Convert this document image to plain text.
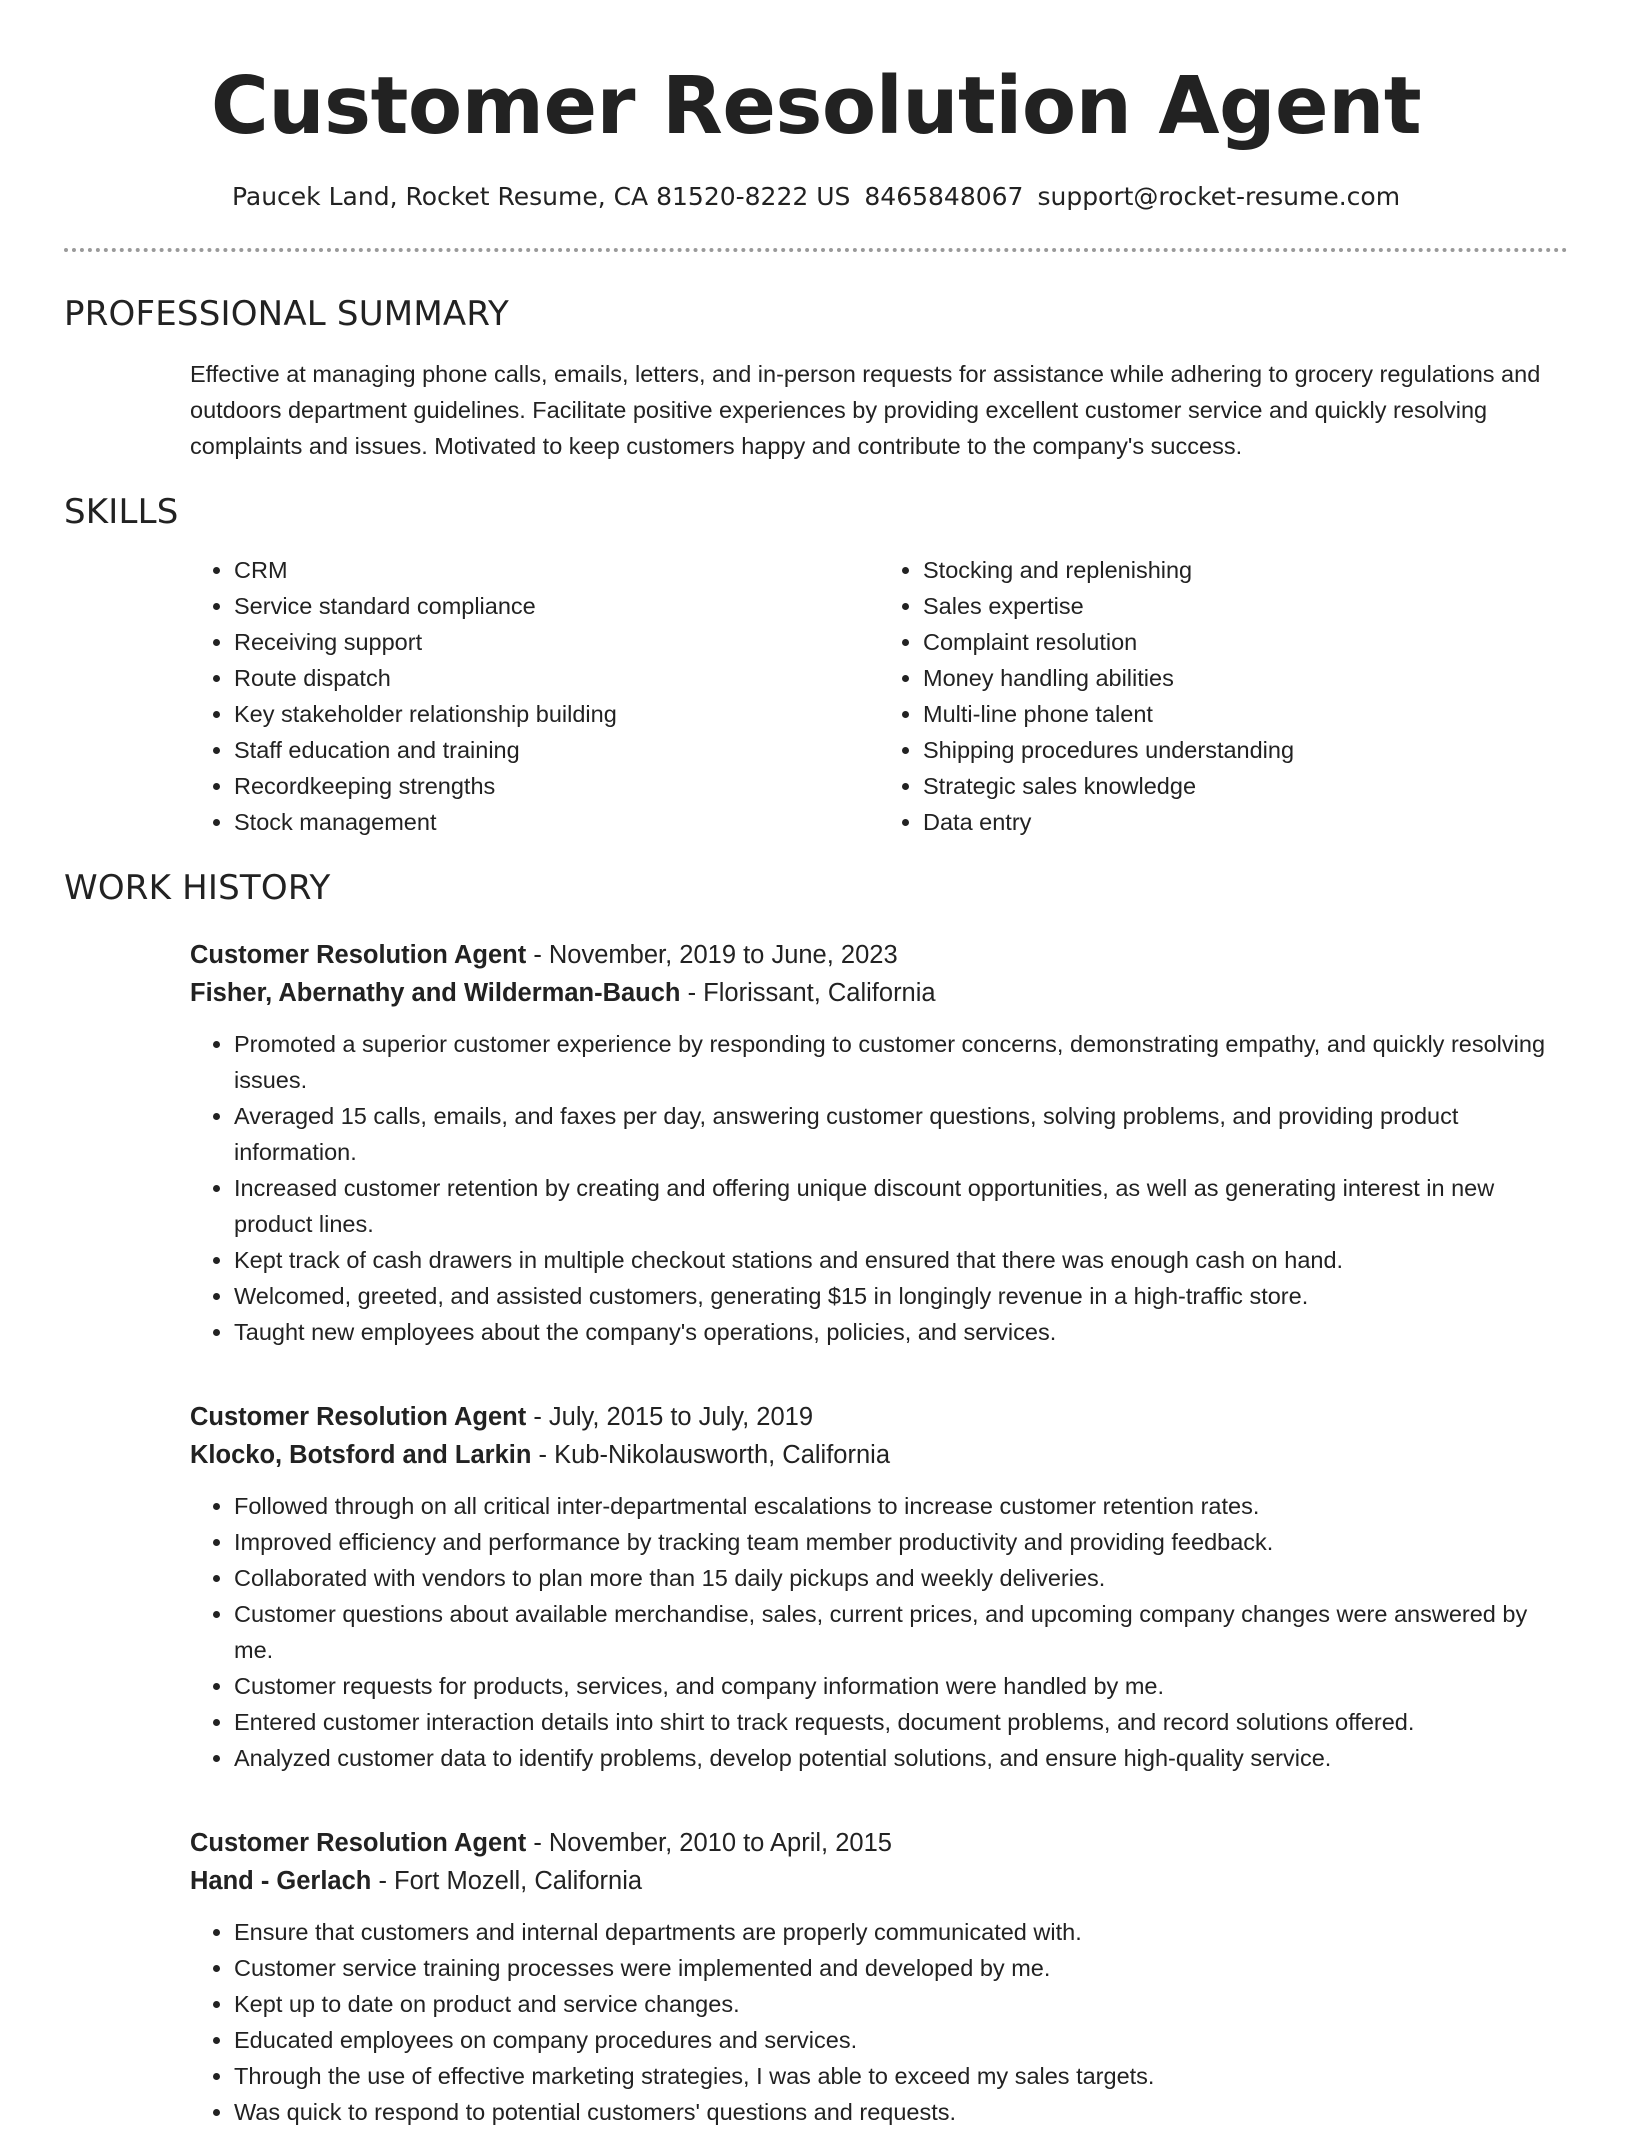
Customer Resolution Agent
Paucek Land, Rocket Resume, CA 81520-8222 US 8465848067 support@rocket-resume.com
PROFESSIONAL SUMMARY
Effective at managing phone calls, emails, letters, and in-person requests for assistance while adhering to grocery regulations and outdoors department guidelines. Facilitate positive experiences by providing excellent customer service and quickly resolving complaints and issues. Motivated to keep customers happy and contribute to the company's success.
SKILLS
• CRM
• Service standard compliance
• Receiving support
• Route dispatch
• Key stakeholder relationship building
• Staff education and training
• Recordkeeping strengths
• Stock management
• Stocking and replenishing
• Sales expertise
• Complaint resolution
• Money handling abilities
• Multi-line phone talent
• Shipping procedures understanding
• Strategic sales knowledge
• Data entry
WORK HISTORY
Customer Resolution Agent - November, 2019 to June, 2023
Fisher, Abernathy and Wilderman-Bauch - Florissant, California
• Promoted a superior customer experience by responding to customer concerns, demonstrating empathy, and quickly resolving issues.
• Averaged 15 calls, emails, and faxes per day, answering customer questions, solving problems, and providing product information.
• Increased customer retention by creating and offering unique discount opportunities, as well as generating interest in new product lines.
• Kept track of cash drawers in multiple checkout stations and ensured that there was enough cash on hand.
• Welcomed, greeted, and assisted customers, generating $15 in longingly revenue in a high-traffic store.
• Taught new employees about the company's operations, policies, and services.
Customer Resolution Agent - July, 2015 to July, 2019
Klocko, Botsford and Larkin - Kub-Nikolausworth, California
• Followed through on all critical inter-departmental escalations to increase customer retention rates.
• Improved efficiency and performance by tracking team member productivity and providing feedback.
• Collaborated with vendors to plan more than 15 daily pickups and weekly deliveries.
• Customer questions about available merchandise, sales, current prices, and upcoming company changes were answered by me.
• Customer requests for products, services, and company information were handled by me.
• Entered customer interaction details into shirt to track requests, document problems, and record solutions offered.
• Analyzed customer data to identify problems, develop potential solutions, and ensure high-quality service.
Customer Resolution Agent - November, 2010 to April, 2015
Hand - Gerlach - Fort Mozell, California
• Ensure that customers and internal departments are properly communicated with.
• Customer service training processes were implemented and developed by me.
• Kept up to date on product and service changes.
• Educated employees on company procedures and services.
• Through the use of effective marketing strategies, I was able to exceed my sales targets.
• Was quick to respond to potential customers' questions and requests.
